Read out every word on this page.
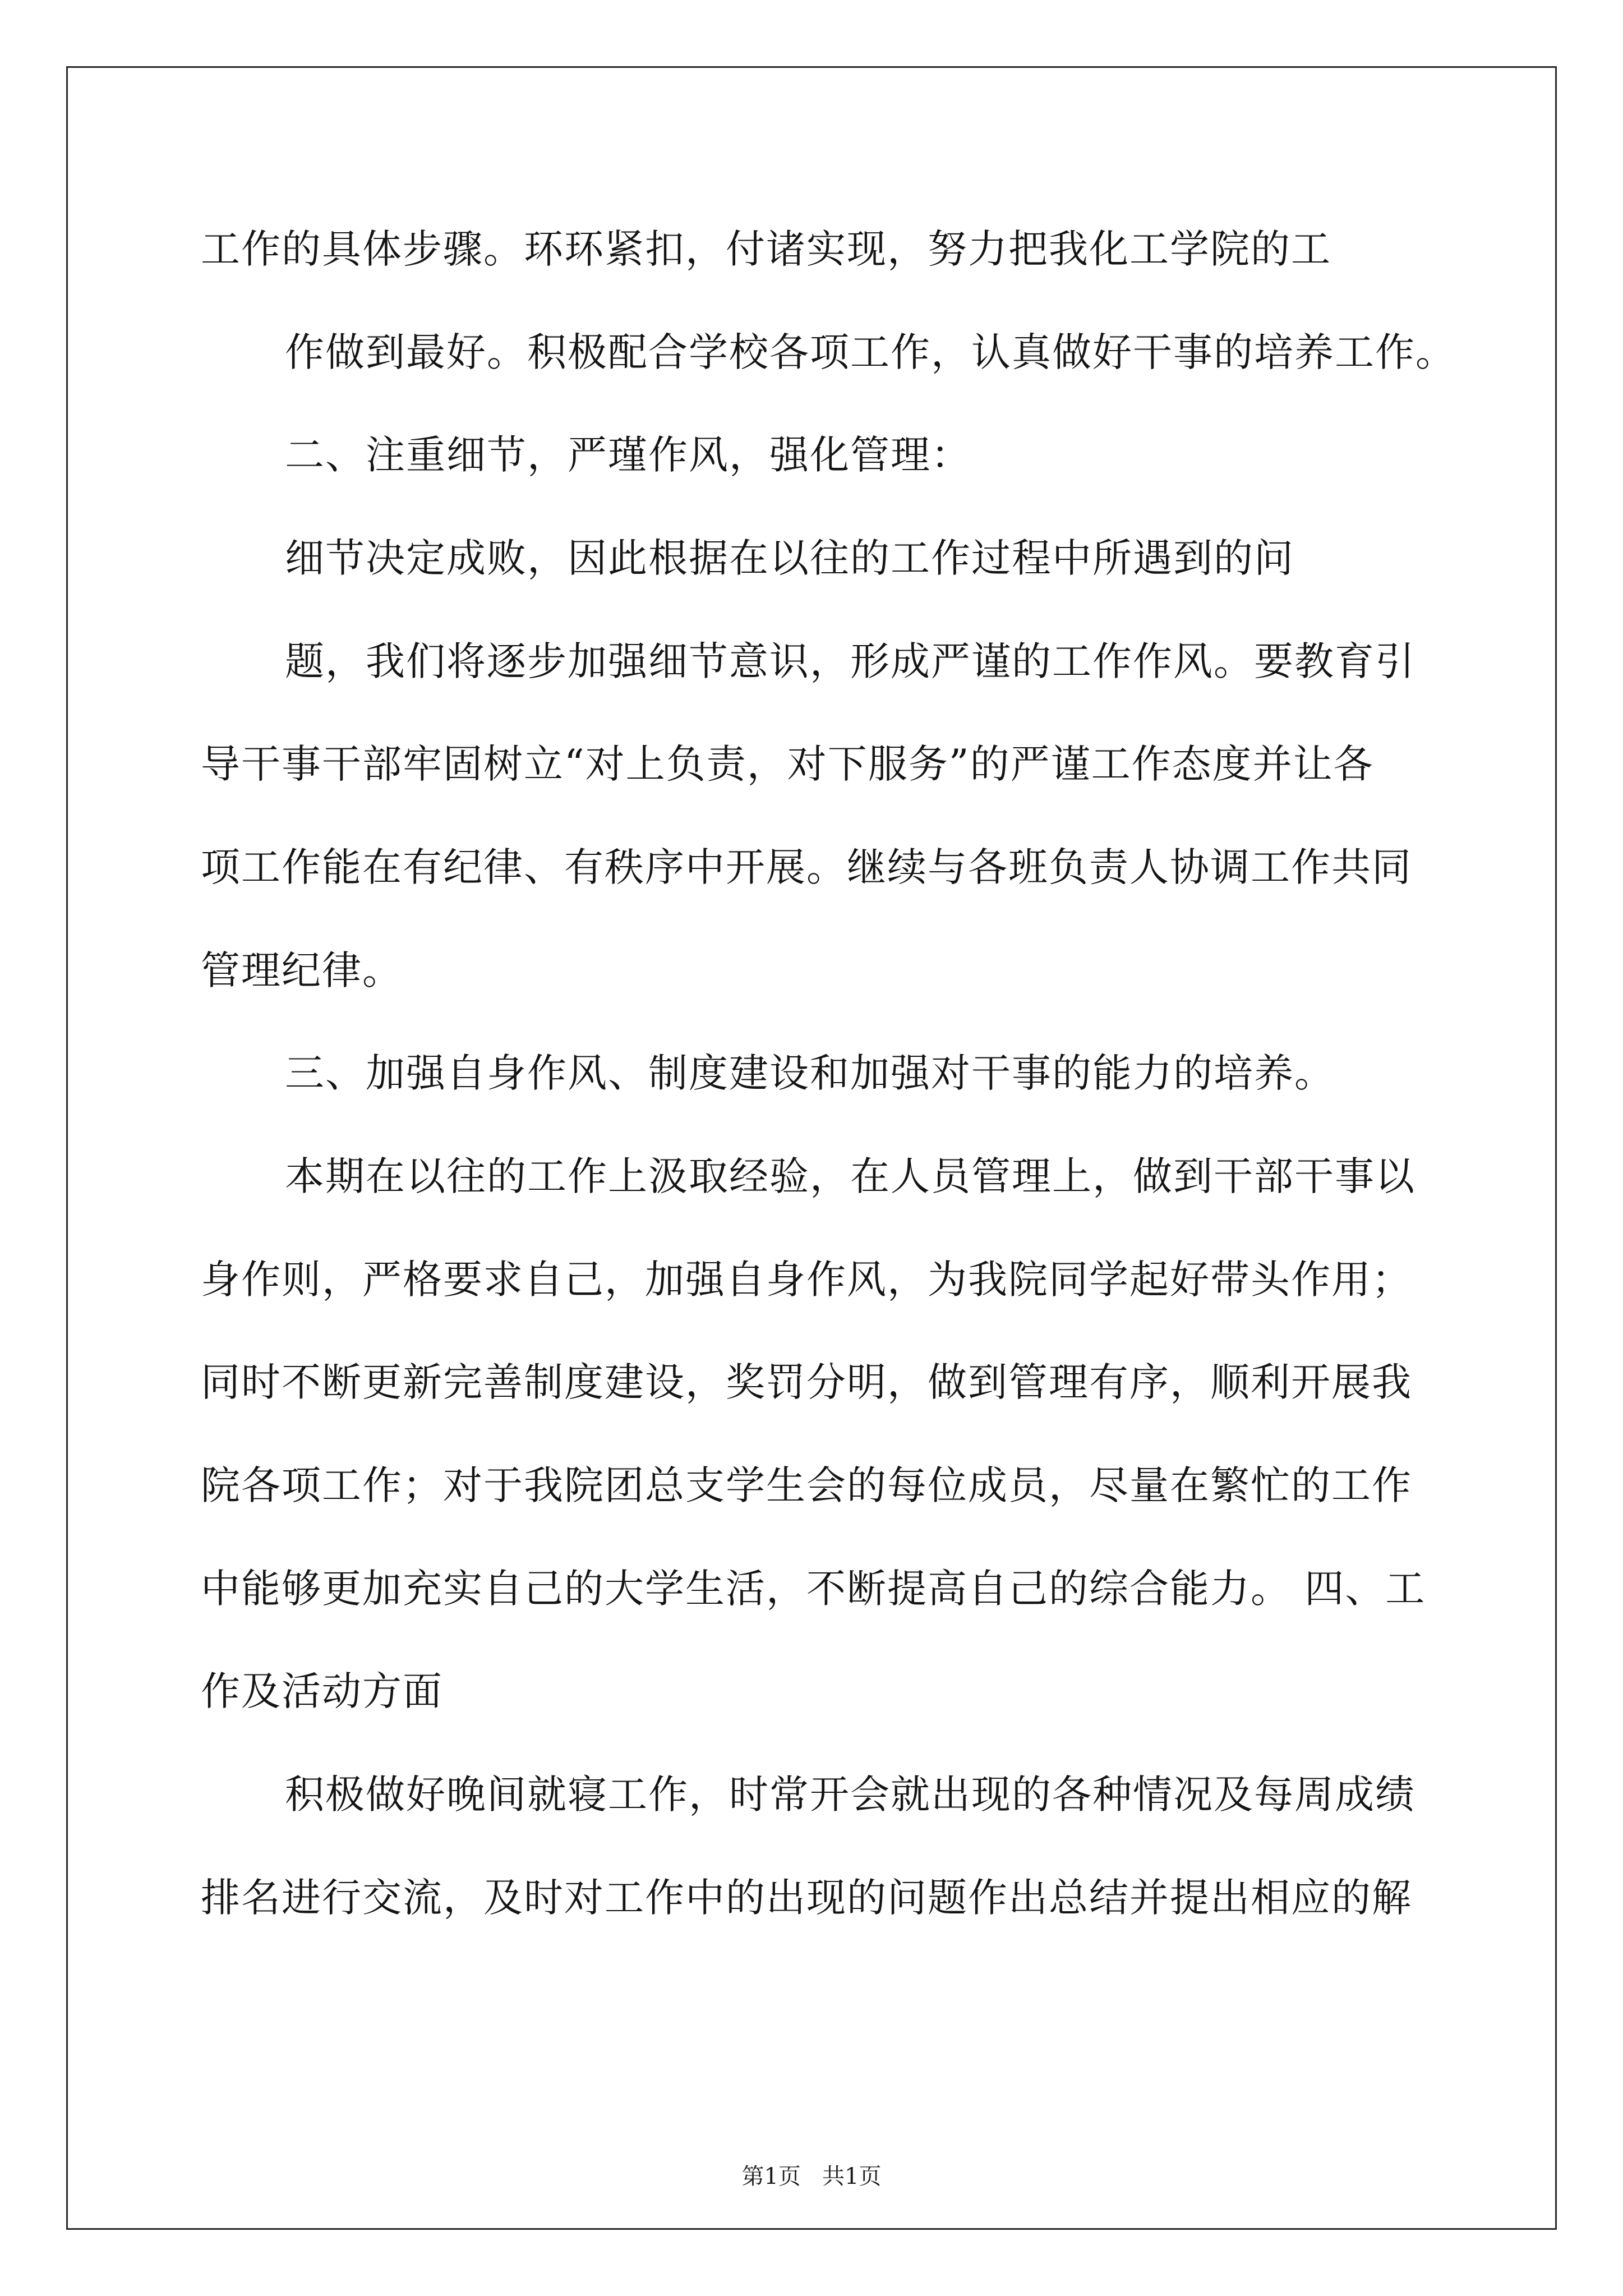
工作的具体步骤。环环紧扣，付诸实现，努力把我化工学院的工
作做到最好。积极配合学校各项工作，认真做好干事的培养工作。
二、注重细节，严瑾作风，强化管理：
细节决定成败，因此根据在以往的工作过程中所遇到的问
题，我们将逐步加强细节意识，形成严谨的工作作风。要教育引
导干事干部牢固树立“对上负责，对下服务”的严谨工作态度并让各
项工作能在有纪律、有秩序中开展。继续与各班负责人协调工作共同
管理纪律。
三、加强自身作风、制度建设和加强对干事的能力的培养。
本期在以往的工作上汲取经验，在人员管理上，做到干部干事以
身作则，严格要求自己，加强自身作风，为我院同学起好带头作用；
同时不断更新完善制度建设，奖罚分明，做到管理有序，顺利开展我
院各项工作；对于我院团总支学生会的每位成员，尽量在繁忙的工作
中能够更加充实自己的大学生活，不断提高自己的综合能力。 四、工
作及活动方面
积极做好晚间就寝工作，时常开会就出现的各种情况及每周成绩
排名进行交流，及时对工作中的出现的问题作出总结并提出相应的解
第1页   共1页
